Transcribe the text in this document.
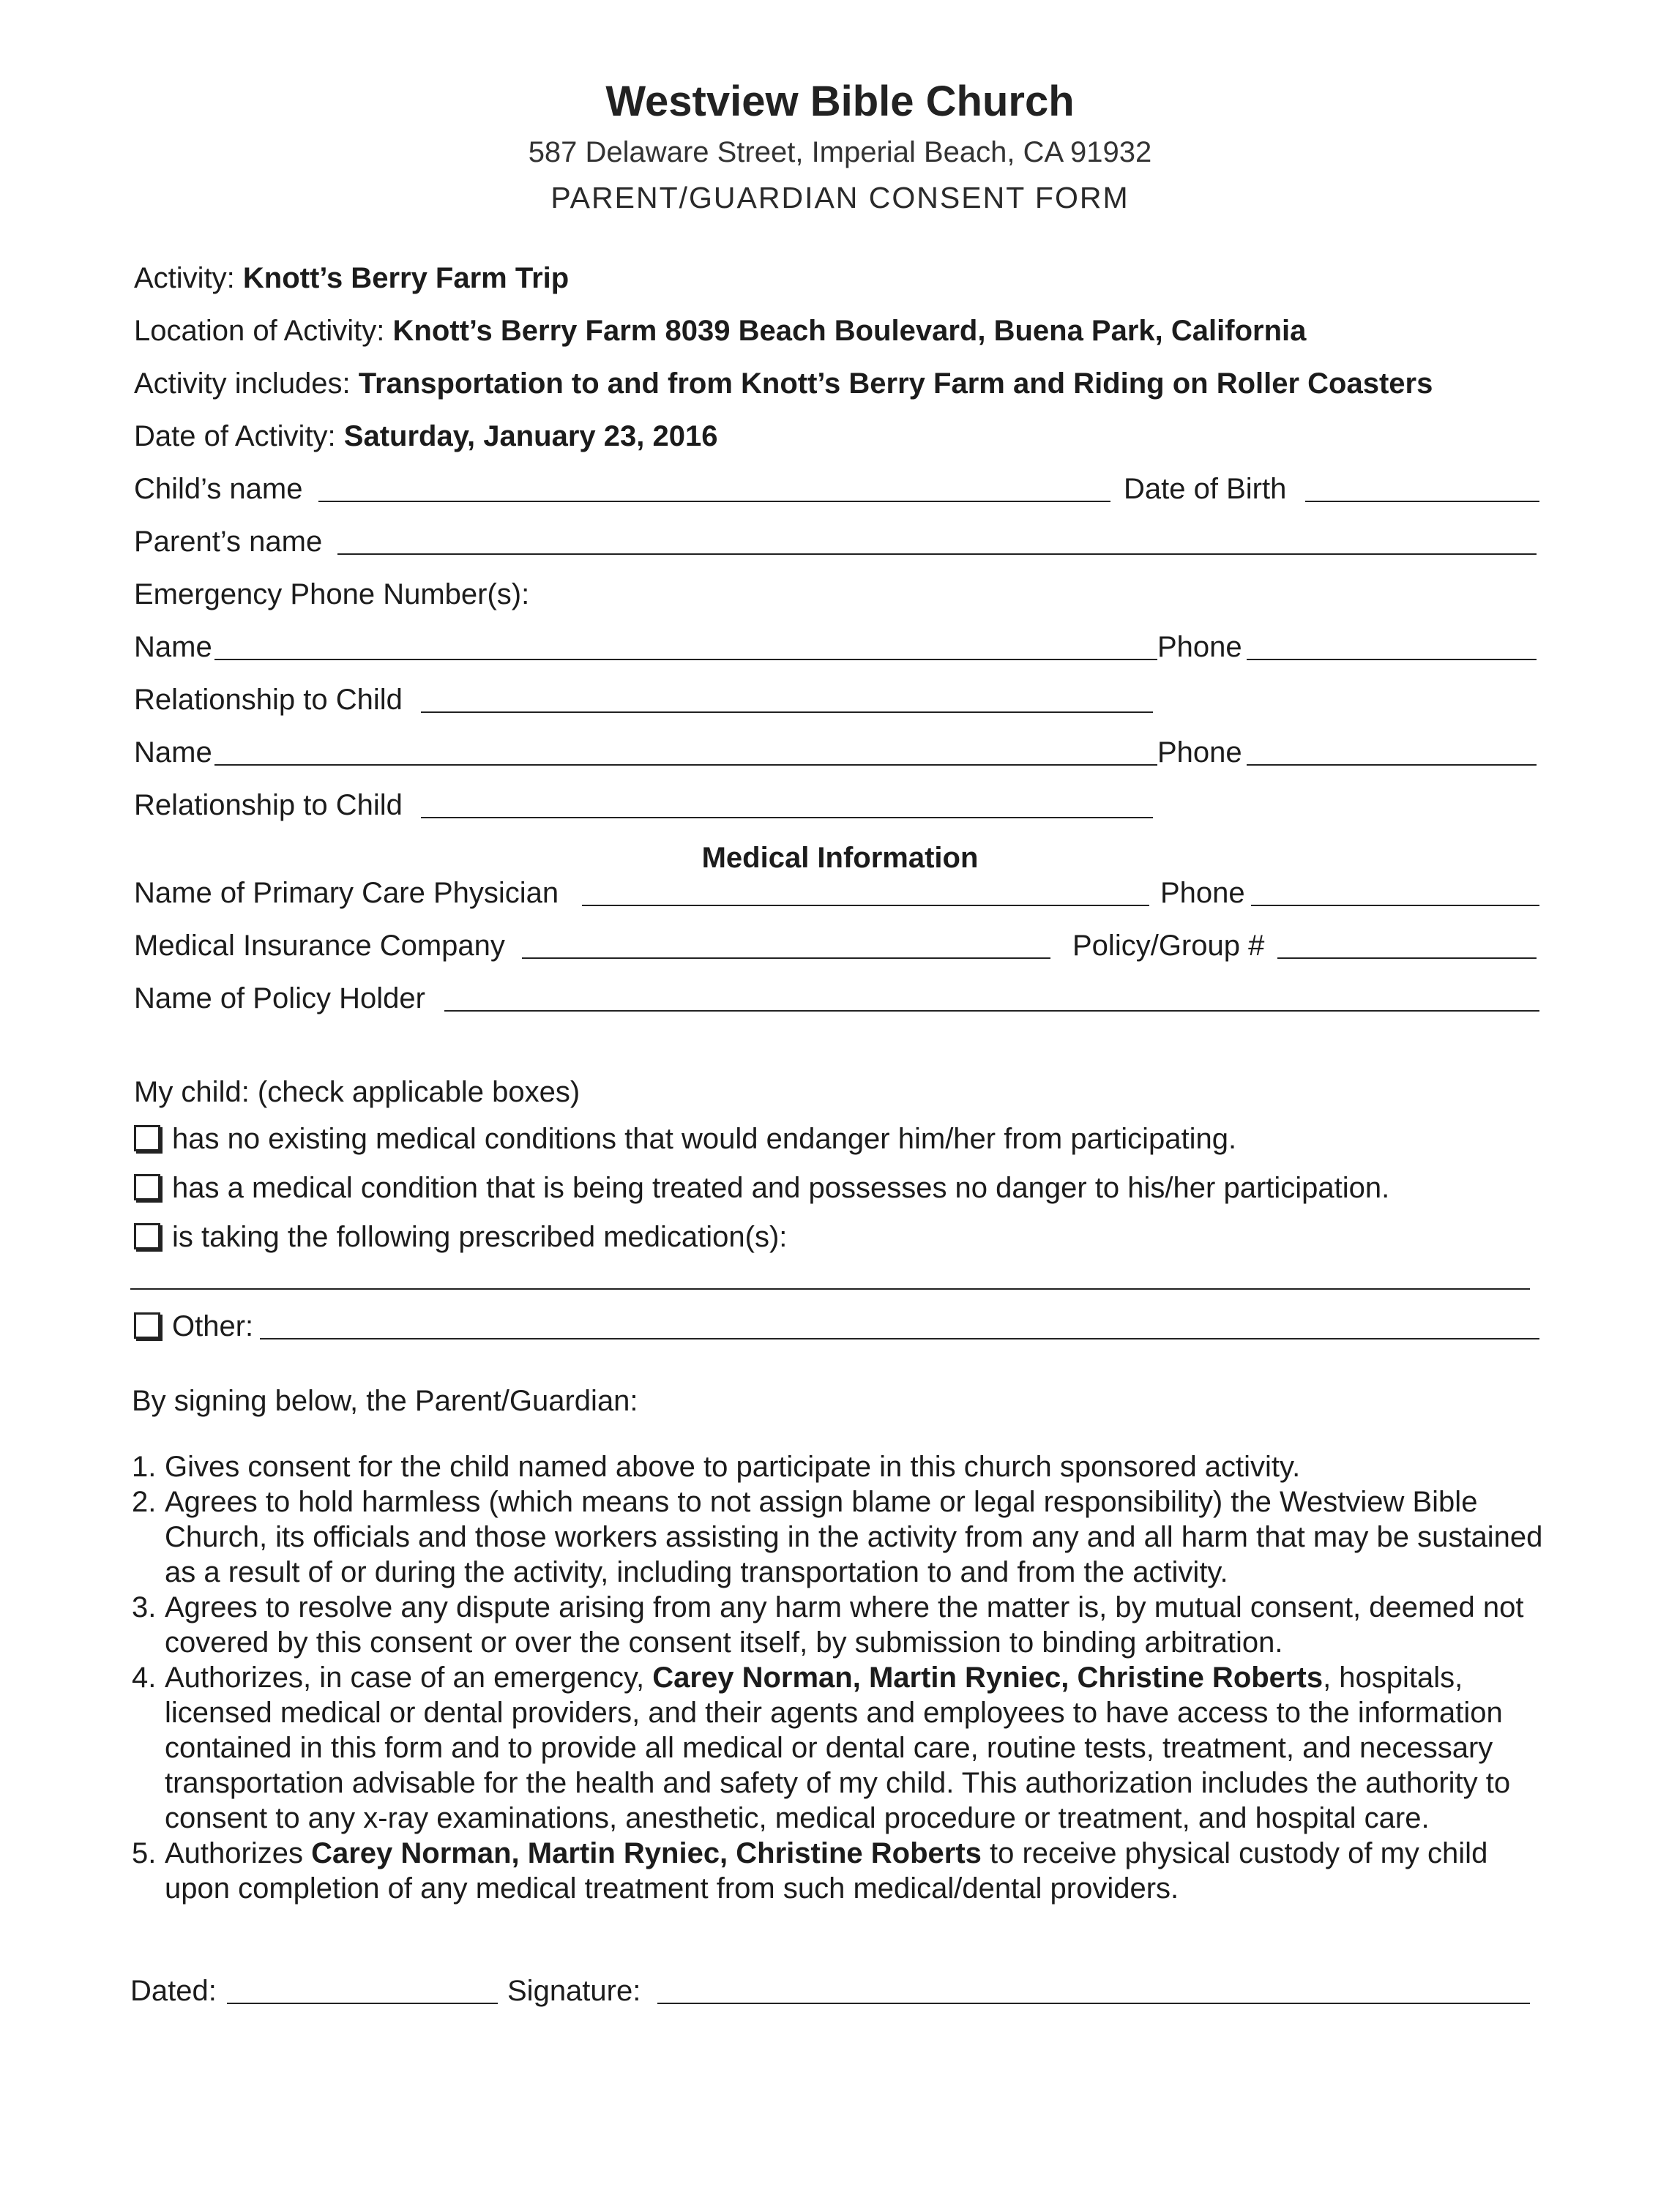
Westview Bible Church
587 Delaware Street, Imperial Beach, CA 91932
PARENT/GUARDIAN CONSENT FORM
Activity: Knott’s Berry Farm Trip
Location of Activity: Knott’s Berry Farm 8039 Beach Boulevard, Buena Park, California
Activity includes: Transportation to and from Knott’s Berry Farm and Riding on Roller Coasters
Date of Activity: Saturday, January 23, 2016
Child’s name	Date of Birth
Parent’s name
Emergency Phone Number(s):
Name	Phone
Relationship to Child
Name	Phone
Relationship to Child
Medical Information
Name of Primary Care Physician	Phone
Medical Insurance Company	Policy/Group #
Name of Policy Holder
My child: (check applicable boxes)
has no existing medical conditions that would endanger him/her from participating.
has a medical condition that is being treated and possesses no danger to his/her participation.
is taking the following prescribed medication(s):
Other:
By signing below, the Parent/Guardian:
1. Gives consent for the child named above to participate in this church sponsored activity.
2. Agrees to hold harmless (which means to not assign blame or legal responsibility) the Westview Bible Church, its officials and those workers assisting in the activity from any and all harm that may be sustained as a result of or during the activity, including transportation to and from the activity.
3. Agrees to resolve any dispute arising from any harm where the matter is, by mutual consent, deemed not covered by this consent or over the consent itself, by submission to binding arbitration.
4. Authorizes, in case of an emergency, Carey Norman, Martin Ryniec, Christine Roberts, hospitals, licensed medical or dental providers, and their agents and employees to have access to the information contained in this form and to provide all medical or dental care, routine tests, treatment, and necessary transportation advisable for the health and safety of my child. This authorization includes the authority to consent to any x-ray examinations, anesthetic, medical procedure or treatment, and hospital care.
5. Authorizes Carey Norman, Martin Ryniec, Christine Roberts to receive physical custody of my child upon completion of any medical treatment from such medical/dental providers.
Dated:	Signature:
